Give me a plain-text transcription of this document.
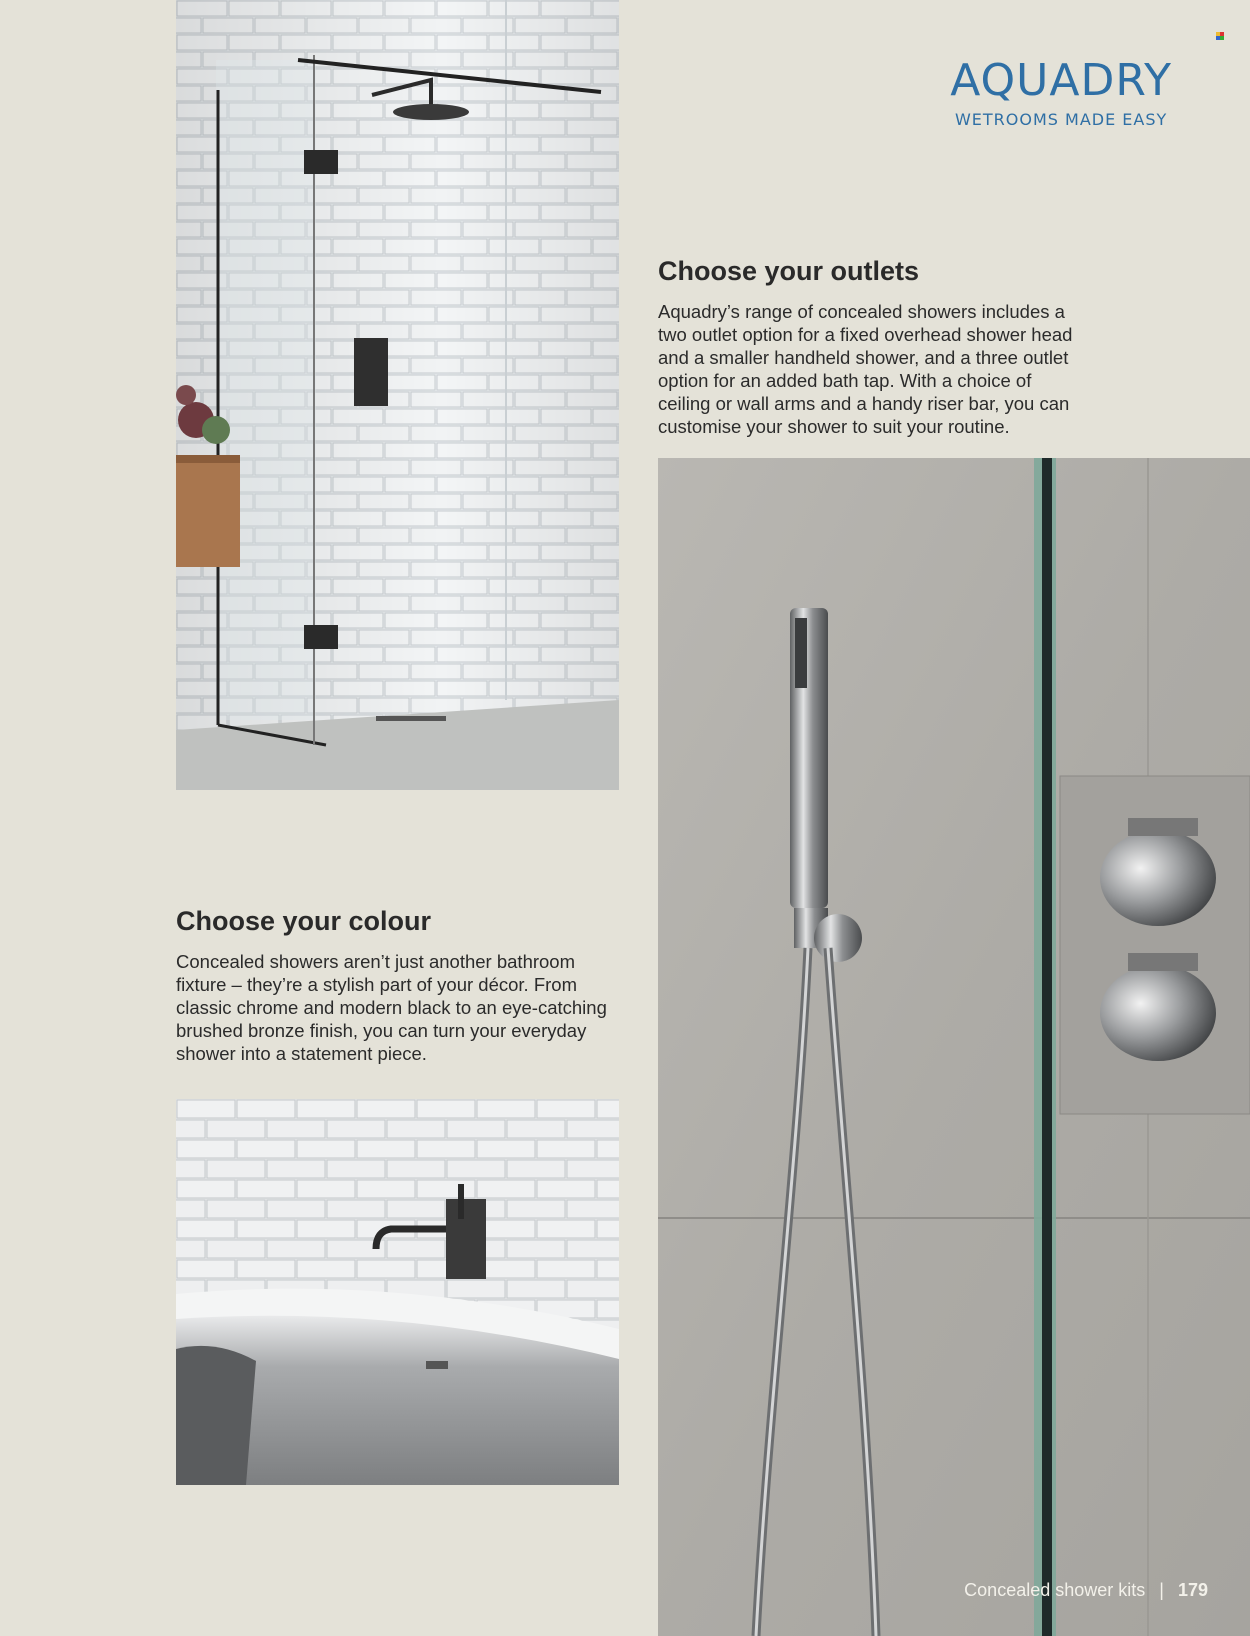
AQUADRY
WETROOMS MADE EASY
Choose your outlets

Aquadry’s range of concealed showers includes a two outlet option for a fixed overhead shower head and a smaller handheld shower, and a three outlet option for an added bath tap. With a choice of ceiling or wall arms and a handy riser bar, you can customise your shower to suit your routine.

Choose your colour

Concealed showers aren’t just another bathroom fixture – they’re a stylish part of your décor. From classic chrome and modern black to an eye-catching brushed bronze finish, you can turn your everyday shower into a statement piece.

Concealed shower kits | 179
